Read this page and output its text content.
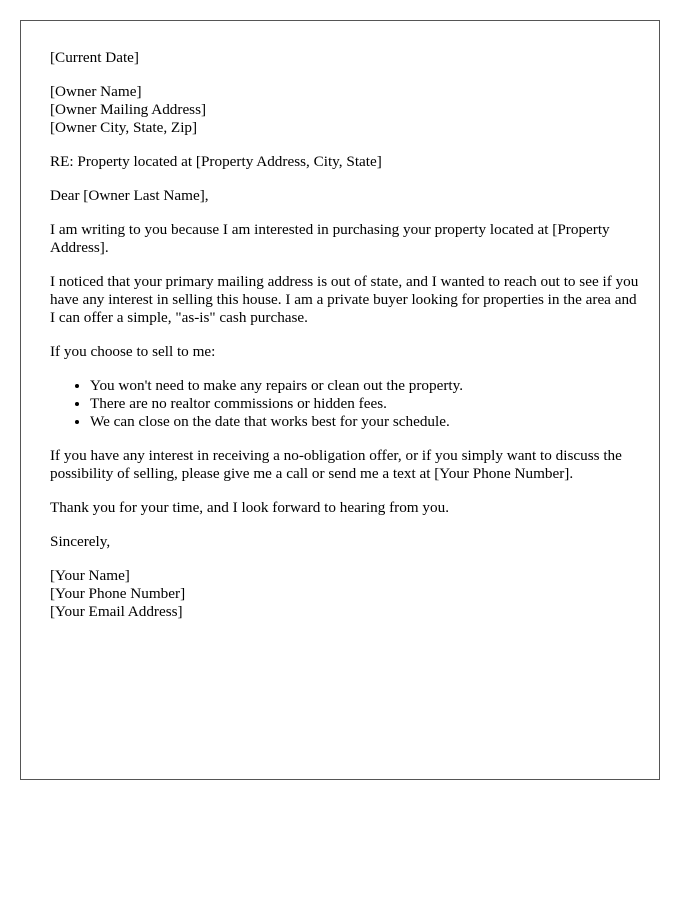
[Current Date]

[Owner Name]
[Owner Mailing Address]
[Owner City, State, Zip]

RE: Property located at [Property Address, City, State]

Dear [Owner Last Name],

I am writing to you because I am interested in purchasing your property located at [Property Address].

I noticed that your primary mailing address is out of state, and I wanted to reach out to see if you have any interest in selling this house. I am a private buyer looking for properties in the area and I can offer a simple, "as-is" cash purchase.

If you choose to sell to me:

• You won't need to make any repairs or clean out the property.
• There are no realtor commissions or hidden fees.
• We can close on the date that works best for your schedule.

If you have any interest in receiving a no-obligation offer, or if you simply want to discuss the possibility of selling, please give me a call or send me a text at [Your Phone Number].

Thank you for your time, and I look forward to hearing from you.

Sincerely,

[Your Name]
[Your Phone Number]
[Your Email Address]
